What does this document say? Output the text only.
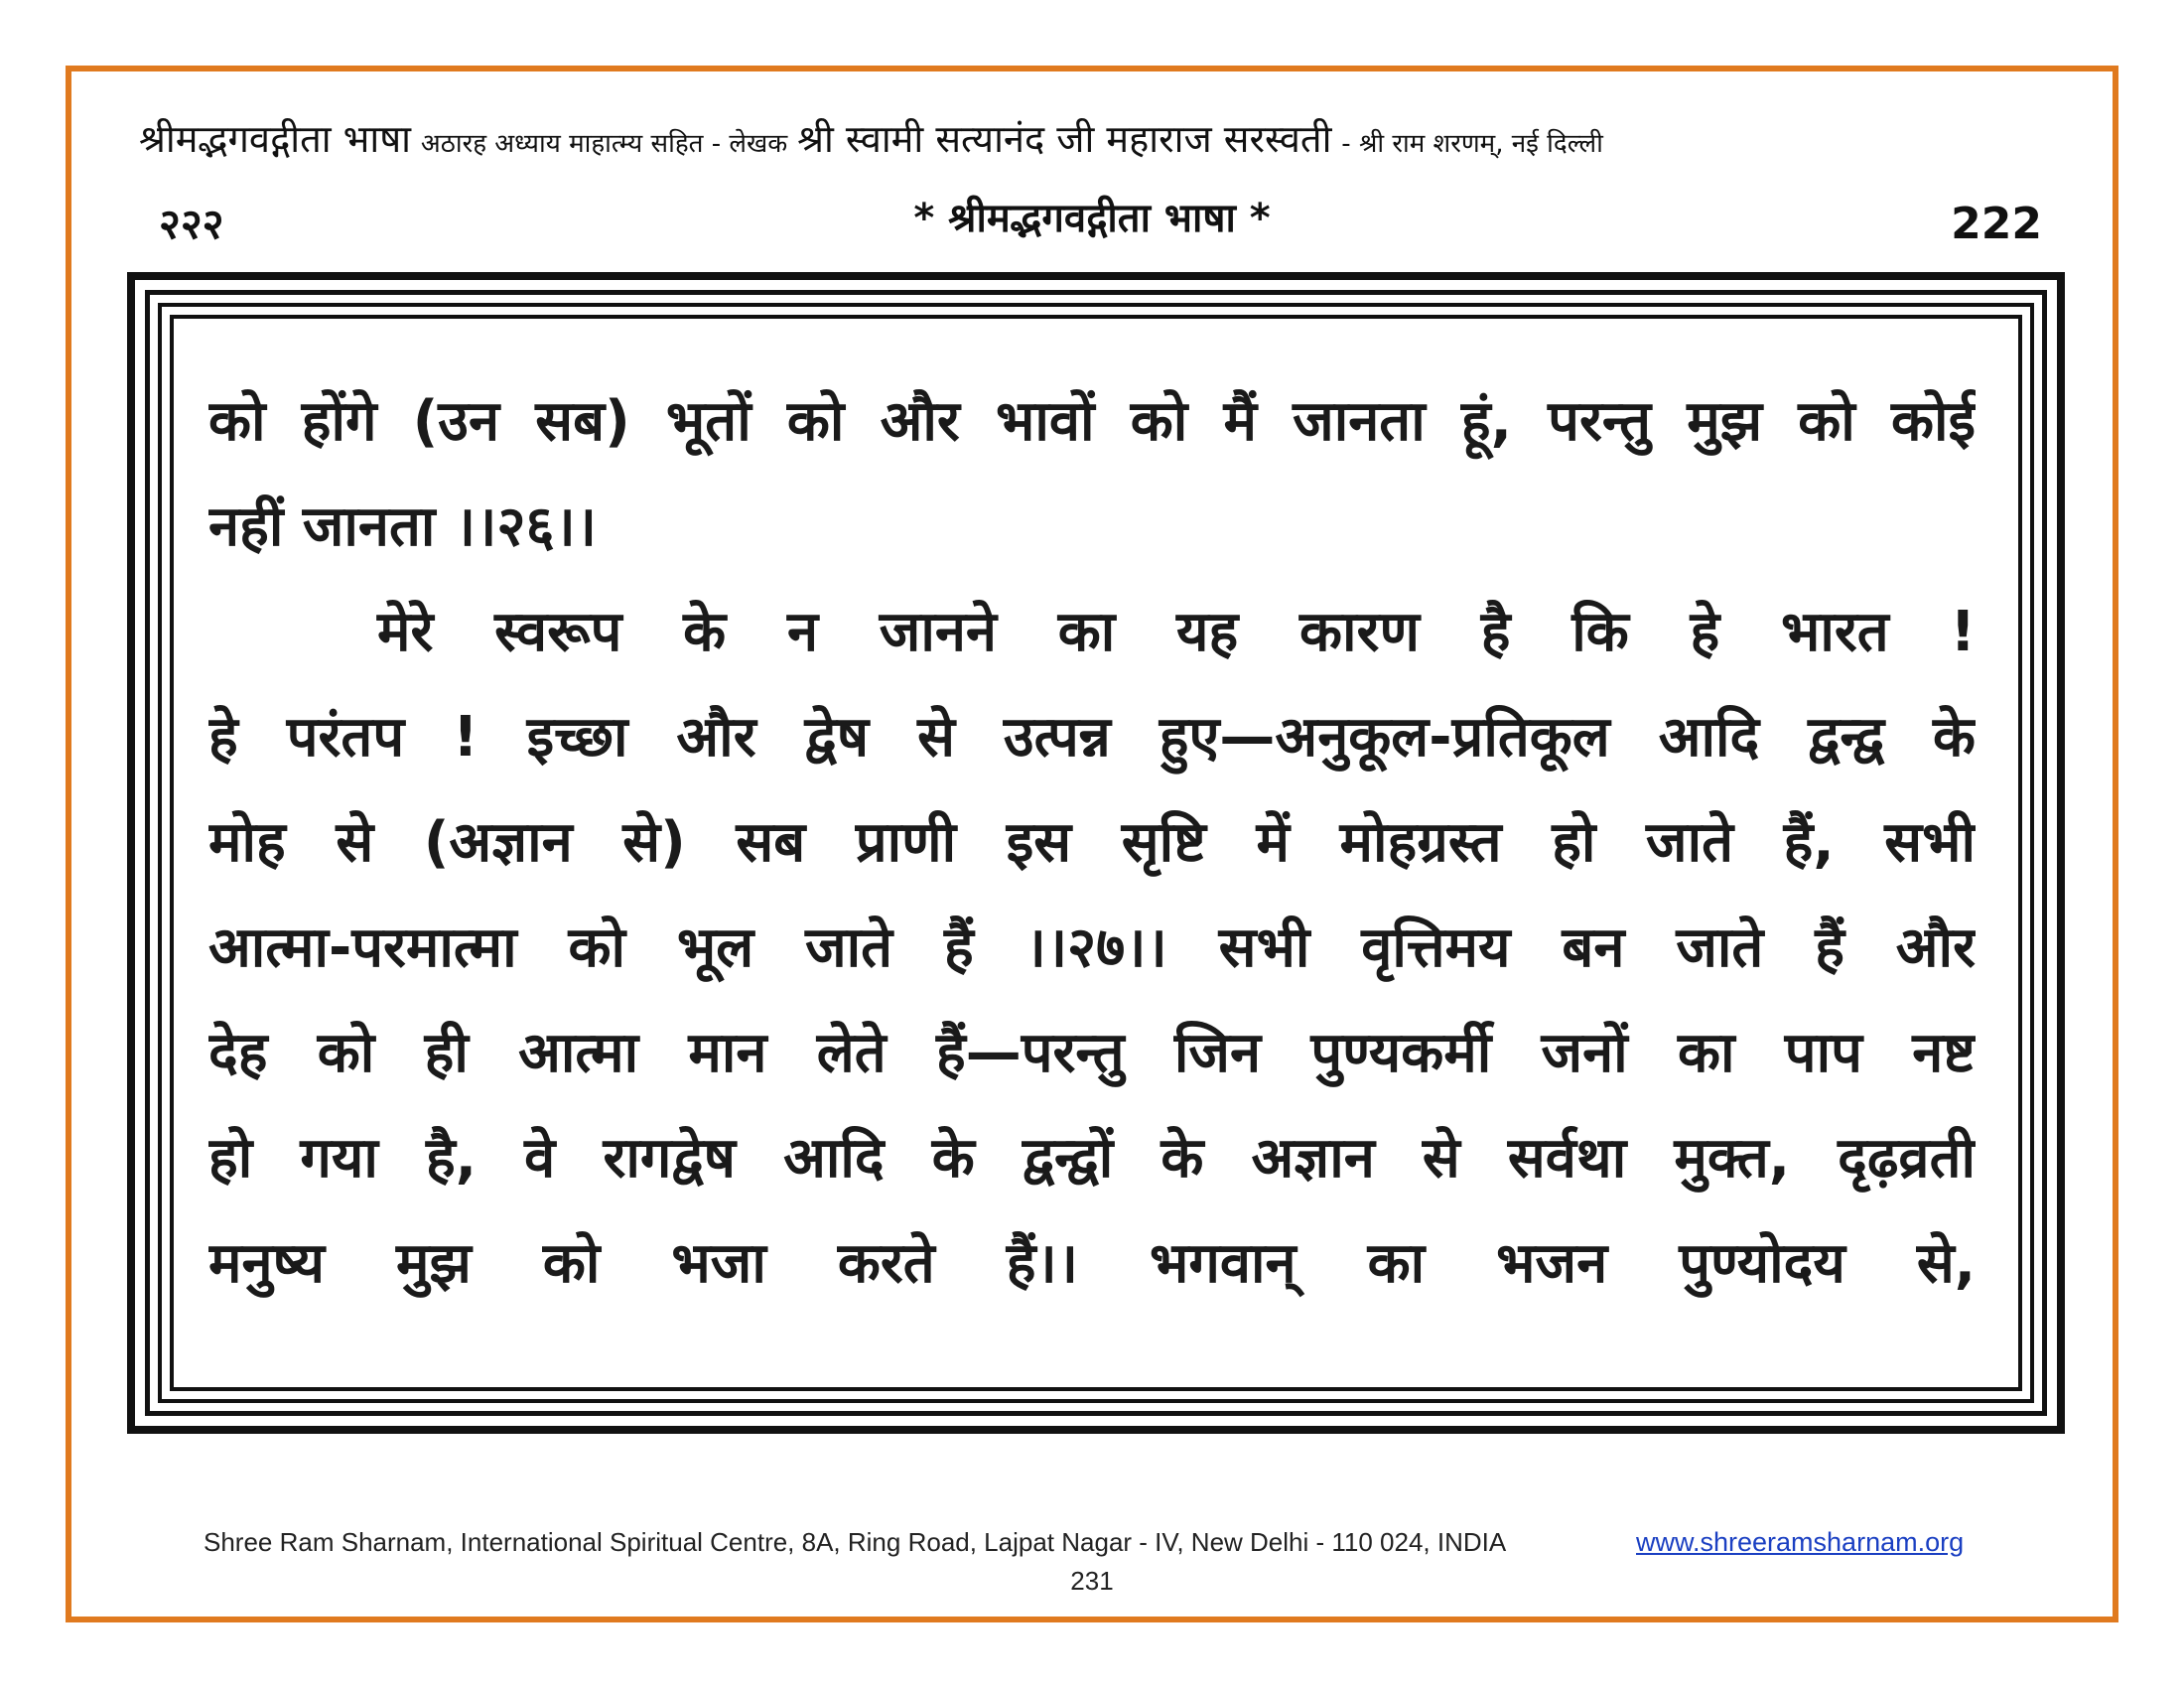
श्रीमद्भगवद्गीता भाषा अठारह अध्याय माहात्म्य सहित - लेखक श्री स्वामी सत्यानंद जी महाराज सरस्वती - श्री राम शरणम्, नई दिल्ली
२२२	* श्रीमद्भगवद्गीता भाषा *	222
को होंगे (उन सब) भूतों को और भावों को मैं जानता हूं, परन्तु मुझ को कोई
नहीं जानता ।।२६।।
मेरे स्वरूप के न जानने का यह कारण है कि हे भारत !
हे परंतप ! इच्छा और द्वेष से उत्पन्न हुए—अनुकूल-प्रतिकूल आदि द्वन्द्व के
मोह से (अज्ञान से) सब प्राणी इस सृष्टि में मोहग्रस्त हो जाते हैं, सभी
आत्मा-परमात्मा को भूल जाते हैं ।।२७।। सभी वृत्तिमय बन जाते हैं और
देह को ही आत्मा मान लेते हैं—परन्तु जिन पुण्यकर्मी जनों का पाप नष्ट
हो गया है, वे रागद्वेष आदि के द्वन्द्वों के अज्ञान से सर्वथा मुक्त, दृढ़व्रती
मनुष्य मुझ को भजा करते हैं।। भगवान् का भजन पुण्योदय से,
Shree Ram Sharnam, International Spiritual Centre, 8A, Ring Road, Lajpat Nagar - IV, New Delhi - 110 024, INDIA	www.shreeramsharnam.org
231
